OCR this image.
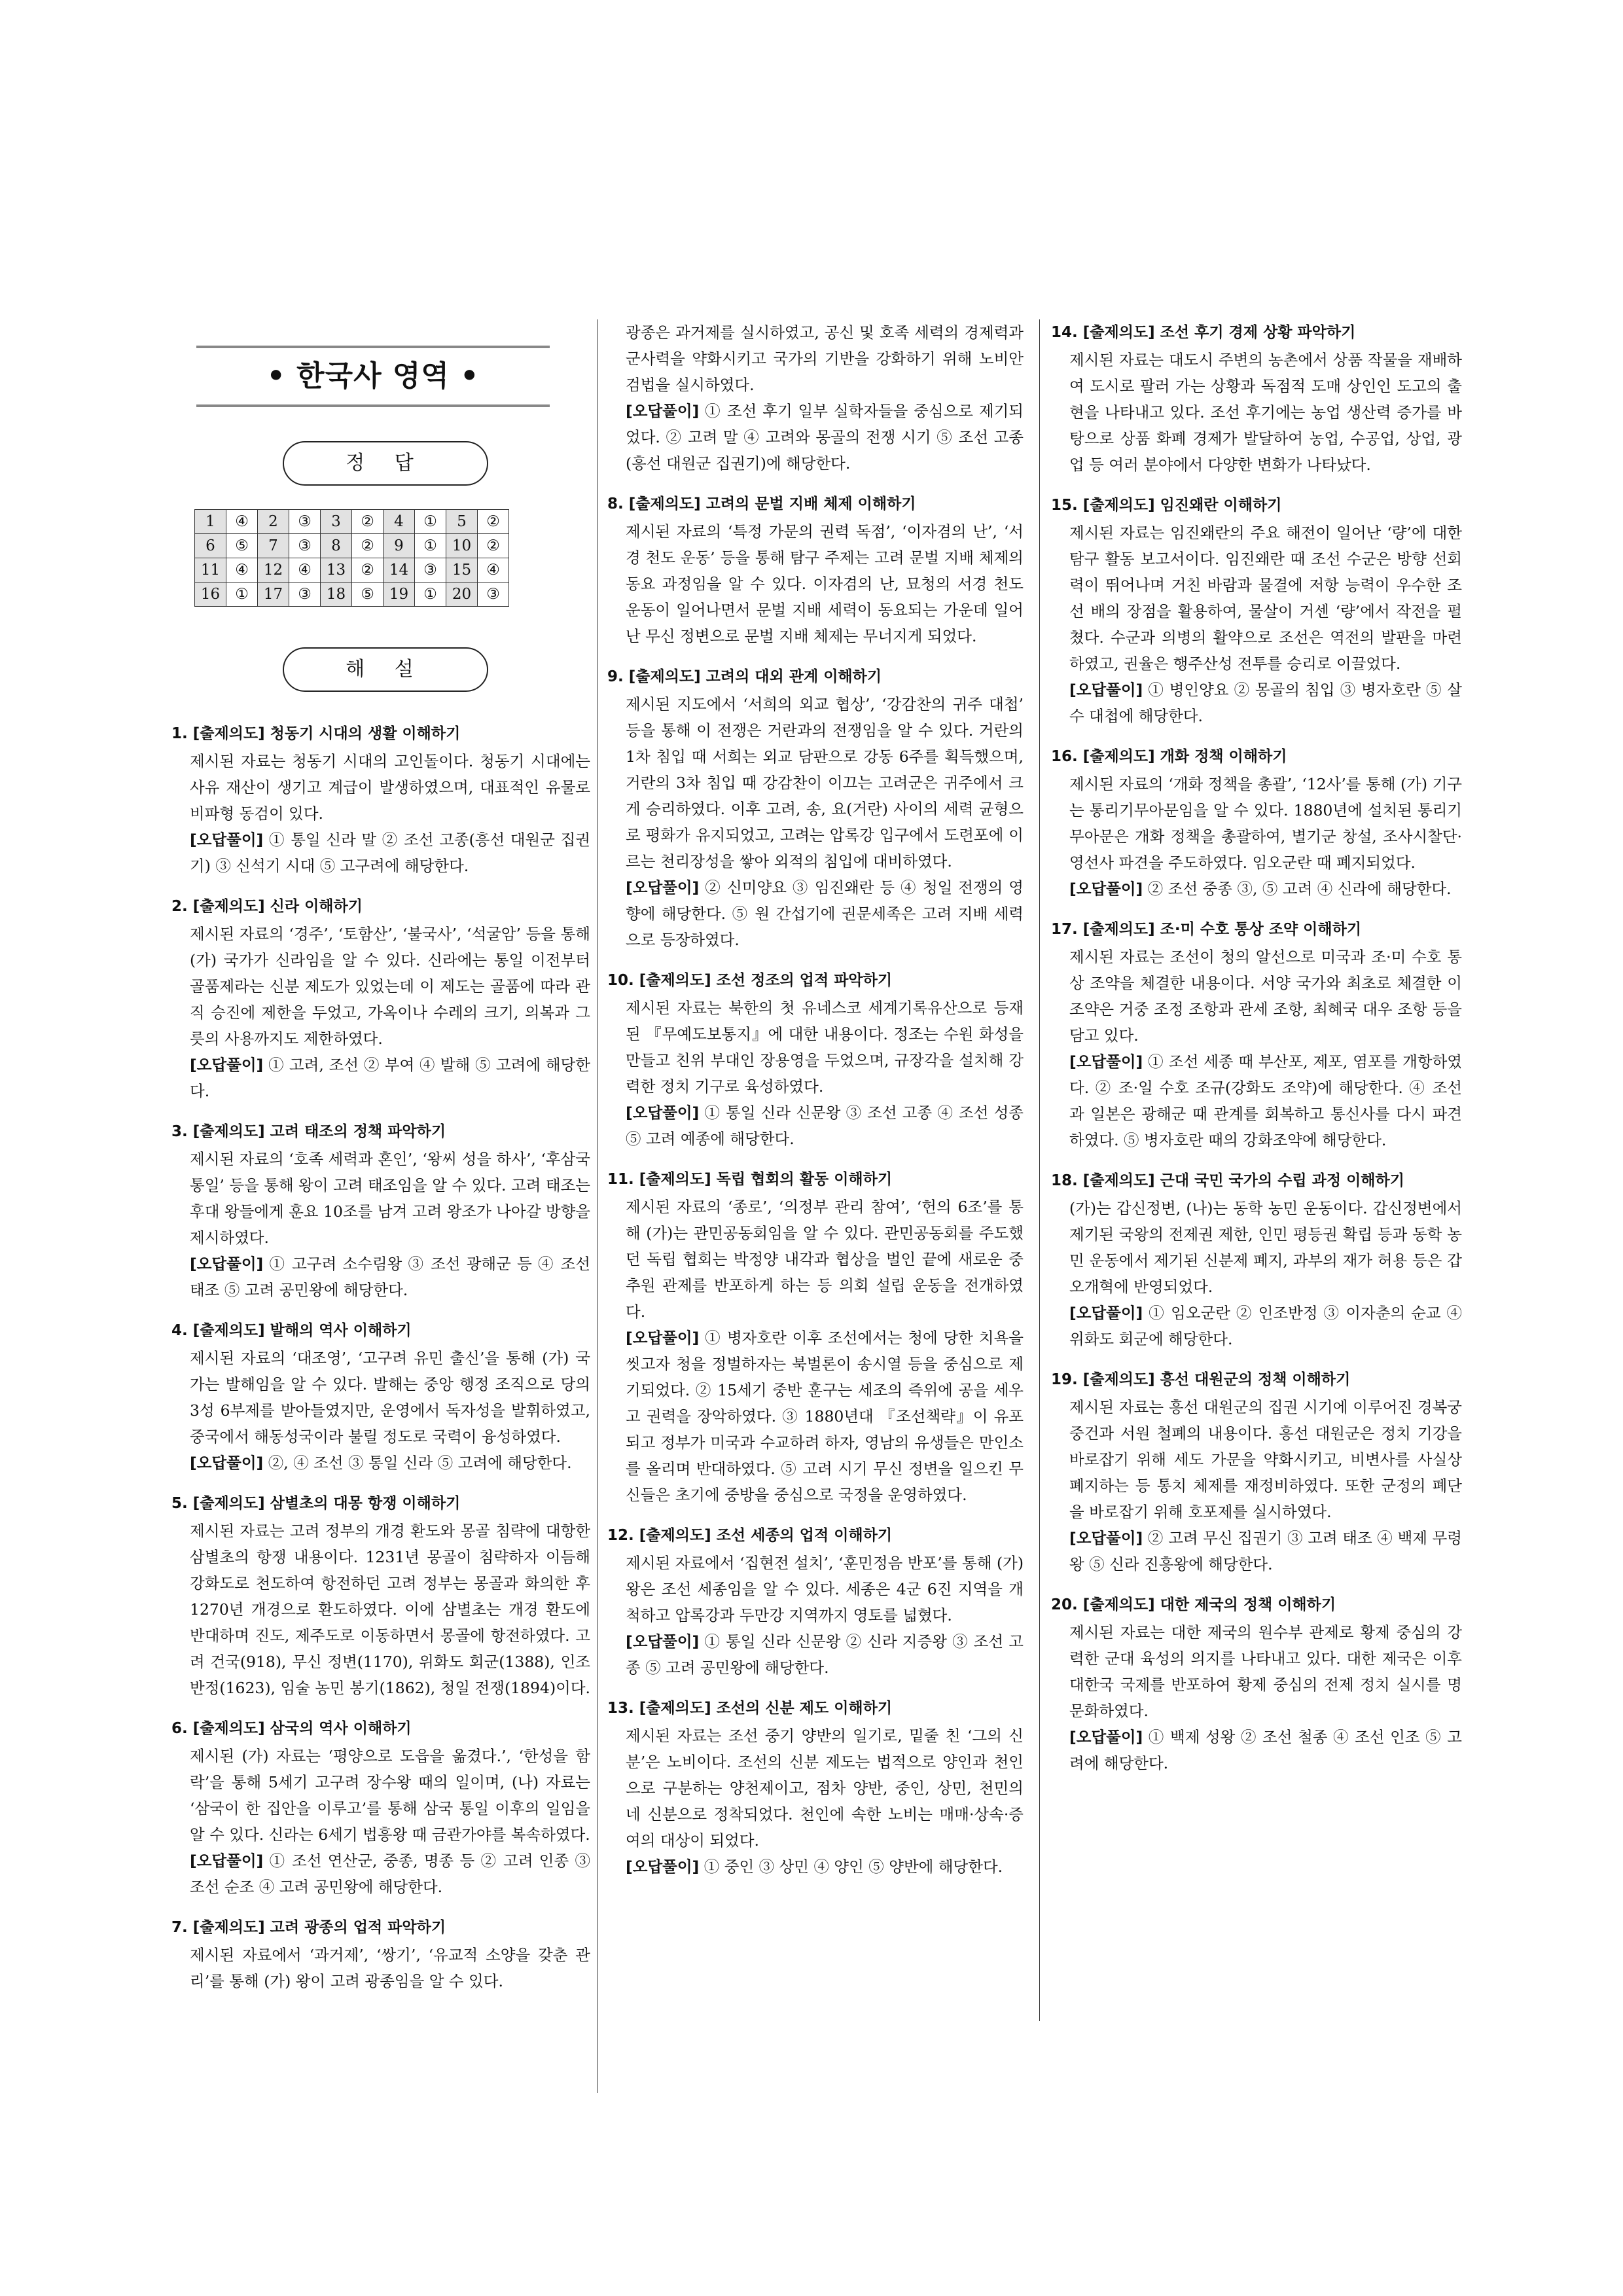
• 한국사 영역 •
정 답
1	④	2	③	3	②	4	①	5	②
6	⑤	7	③	8	②	9	①	10	②
11	④	12	④	13	②	14	③	15	④
16	①	17	③	18	⑤	19	①	20	③
해 설
1. [출제의도] 청동기 시대의 생활 이해하기
제시된 자료는 청동기 시대의 고인돌이다. 청동기 시대에는 사유 재산이 생기고 계급이 발생하였으며, 대표적인 유물로 비파형 동검이 있다.
[오답풀이] ① 통일 신라 말 ② 조선 고종(흥선 대원군 집권기) ③ 신석기 시대 ⑤ 고구려에 해당한다.
2. [출제의도] 신라 이해하기
제시된 자료의 ‘경주’, ‘토함산’, ‘불국사’, ‘석굴암’ 등을 통해 (가) 국가가 신라임을 알 수 있다. 신라에는 통일 이전부터 골품제라는 신분 제도가 있었는데 이 제도는 골품에 따라 관직 승진에 제한을 두었고, 가옥이나 수레의 크기, 의복과 그릇의 사용까지도 제한하였다.
[오답풀이] ① 고려, 조선 ② 부여 ④ 발해 ⑤ 고려에 해당한다.
3. [출제의도] 고려 태조의 정책 파악하기
제시된 자료의 ‘호족 세력과 혼인’, ‘왕씨 성을 하사’, ‘후삼국 통일’ 등을 통해 왕이 고려 태조임을 알 수 있다. 고려 태조는 후대 왕들에게 훈요 10조를 남겨 고려 왕조가 나아갈 방향을 제시하였다.
[오답풀이] ① 고구려 소수림왕 ③ 조선 광해군 등 ④ 조선 태조 ⑤ 고려 공민왕에 해당한다.
4. [출제의도] 발해의 역사 이해하기
제시된 자료의 ‘대조영’, ‘고구려 유민 출신’을 통해 (가) 국가는 발해임을 알 수 있다. 발해는 중앙 행정 조직으로 당의 3성 6부제를 받아들였지만, 운영에서 독자성을 발휘하였고, 중국에서 해동성국이라 불릴 정도로 국력이 융성하였다.
[오답풀이] ②, ④ 조선 ③ 통일 신라 ⑤ 고려에 해당한다.
5. [출제의도] 삼별초의 대몽 항쟁 이해하기
제시된 자료는 고려 정부의 개경 환도와 몽골 침략에 대항한 삼별초의 항쟁 내용이다. 1231년 몽골이 침략하자 이듬해 강화도로 천도하여 항전하던 고려 정부는 몽골과 화의한 후 1270년 개경으로 환도하였다. 이에 삼별초는 개경 환도에 반대하며 진도, 제주도로 이동하면서 몽골에 항전하였다. 고려 건국(918), 무신 정변(1170), 위화도 회군(1388), 인조반정(1623), 임술 농민 봉기(1862), 청일 전쟁(1894)이다.
6. [출제의도] 삼국의 역사 이해하기
제시된 (가) 자료는 ‘평양으로 도읍을 옮겼다.’, ‘한성을 함락’을 통해 5세기 고구려 장수왕 때의 일이며, (나) 자료는 ‘삼국이 한 집안을 이루고’를 통해 삼국 통일 이후의 일임을 알 수 있다. 신라는 6세기 법흥왕 때 금관가야를 복속하였다.
[오답풀이] ① 조선 연산군, 중종, 명종 등 ② 고려 인종 ③ 조선 순조 ④ 고려 공민왕에 해당한다.
7. [출제의도] 고려 광종의 업적 파악하기
제시된 자료에서 ‘과거제’, ‘쌍기’, ‘유교적 소양을 갖춘 관리’를 통해 (가) 왕이 고려 광종임을 알 수 있다.
광종은 과거제를 실시하였고, 공신 및 호족 세력의 경제력과 군사력을 약화시키고 국가의 기반을 강화하기 위해 노비안검법을 실시하였다.
[오답풀이] ① 조선 후기 일부 실학자들을 중심으로 제기되었다. ② 고려 말 ④ 고려와 몽골의 전쟁 시기 ⑤ 조선 고종(흥선 대원군 집권기)에 해당한다.
8. [출제의도] 고려의 문벌 지배 체제 이해하기
제시된 자료의 ‘특정 가문의 권력 독점’, ‘이자겸의 난’, ‘서경 천도 운동’ 등을 통해 탐구 주제는 고려 문벌 지배 체제의 동요 과정임을 알 수 있다. 이자겸의 난, 묘청의 서경 천도 운동이 일어나면서 문벌 지배 세력이 동요되는 가운데 일어난 무신 정변으로 문벌 지배 체제는 무너지게 되었다.
9. [출제의도] 고려의 대외 관계 이해하기
제시된 지도에서 ‘서희의 외교 협상’, ‘강감찬의 귀주 대첩’ 등을 통해 이 전쟁은 거란과의 전쟁임을 알 수 있다. 거란의 1차 침입 때 서희는 외교 담판으로 강동 6주를 획득했으며, 거란의 3차 침입 때 강감찬이 이끄는 고려군은 귀주에서 크게 승리하였다. 이후 고려, 송, 요(거란) 사이의 세력 균형으로 평화가 유지되었고, 고려는 압록강 입구에서 도련포에 이르는 천리장성을 쌓아 외적의 침입에 대비하였다.
[오답풀이] ② 신미양요 ③ 임진왜란 등 ④ 청일 전쟁의 영향에 해당한다. ⑤ 원 간섭기에 권문세족은 고려 지배 세력으로 등장하였다.
10. [출제의도] 조선 정조의 업적 파악하기
제시된 자료는 북한의 첫 유네스코 세계기록유산으로 등재된 『무예도보통지』에 대한 내용이다. 정조는 수원 화성을 만들고 친위 부대인 장용영을 두었으며, 규장각을 설치해 강력한 정치 기구로 육성하였다.
[오답풀이] ① 통일 신라 신문왕 ③ 조선 고종 ④ 조선 성종 ⑤ 고려 예종에 해당한다.
11. [출제의도] 독립 협회의 활동 이해하기
제시된 자료의 ‘종로’, ‘의정부 관리 참여’, ‘헌의 6조’를 통해 (가)는 관민공동회임을 알 수 있다. 관민공동회를 주도했던 독립 협회는 박정양 내각과 협상을 벌인 끝에 새로운 중추원 관제를 반포하게 하는 등 의회 설립 운동을 전개하였다.
[오답풀이] ① 병자호란 이후 조선에서는 청에 당한 치욕을 씻고자 청을 정벌하자는 북벌론이 송시열 등을 중심으로 제기되었다. ② 15세기 중반 훈구는 세조의 즉위에 공을 세우고 권력을 장악하였다. ③ 1880년대 『조선책략』이 유포되고 정부가 미국과 수교하려 하자, 영남의 유생들은 만인소를 올리며 반대하였다. ⑤ 고려 시기 무신 정변을 일으킨 무신들은 초기에 중방을 중심으로 국정을 운영하였다.
12. [출제의도] 조선 세종의 업적 이해하기
제시된 자료에서 ‘집현전 설치’, ‘훈민정음 반포’를 통해 (가) 왕은 조선 세종임을 알 수 있다. 세종은 4군 6진 지역을 개척하고 압록강과 두만강 지역까지 영토를 넓혔다.
[오답풀이] ① 통일 신라 신문왕 ② 신라 지증왕 ③ 조선 고종 ⑤ 고려 공민왕에 해당한다.
13. [출제의도] 조선의 신분 제도 이해하기
제시된 자료는 조선 중기 양반의 일기로, 밑줄 친 ‘그의 신분’은 노비이다. 조선의 신분 제도는 법적으로 양인과 천인으로 구분하는 양천제이고, 점차 양반, 중인, 상민, 천민의 네 신분으로 정착되었다. 천인에 속한 노비는 매매·상속·증여의 대상이 되었다.
[오답풀이] ① 중인 ③ 상민 ④ 양인 ⑤ 양반에 해당한다.
14. [출제의도] 조선 후기 경제 상황 파악하기
제시된 자료는 대도시 주변의 농촌에서 상품 작물을 재배하여 도시로 팔러 가는 상황과 독점적 도매 상인인 도고의 출현을 나타내고 있다. 조선 후기에는 농업 생산력 증가를 바탕으로 상품 화폐 경제가 발달하여 농업, 수공업, 상업, 광업 등 여러 분야에서 다양한 변화가 나타났다.
15. [출제의도] 임진왜란 이해하기
제시된 자료는 임진왜란의 주요 해전이 일어난 ‘량’에 대한 탐구 활동 보고서이다. 임진왜란 때 조선 수군은 방향 선회력이 뛰어나며 거친 바람과 물결에 저항 능력이 우수한 조선 배의 장점을 활용하여, 물살이 거센 ‘량’에서 작전을 펼쳤다. 수군과 의병의 활약으로 조선은 역전의 발판을 마련하였고, 권율은 행주산성 전투를 승리로 이끌었다.
[오답풀이] ① 병인양요 ② 몽골의 침입 ③ 병자호란 ⑤ 살수 대첩에 해당한다.
16. [출제의도] 개화 정책 이해하기
제시된 자료의 ‘개화 정책을 총괄’, ‘12사’를 통해 (가) 기구는 통리기무아문임을 알 수 있다. 1880년에 설치된 통리기무아문은 개화 정책을 총괄하여, 별기군 창설, 조사시찰단·영선사 파견을 주도하였다. 임오군란 때 폐지되었다.
[오답풀이] ② 조선 중종 ③, ⑤ 고려 ④ 신라에 해당한다.
17. [출제의도] 조·미 수호 통상 조약 이해하기
제시된 자료는 조선이 청의 알선으로 미국과 조·미 수호 통상 조약을 체결한 내용이다. 서양 국가와 최초로 체결한 이 조약은 거중 조정 조항과 관세 조항, 최혜국 대우 조항 등을 담고 있다.
[오답풀이] ① 조선 세종 때 부산포, 제포, 염포를 개항하였다. ② 조·일 수호 조규(강화도 조약)에 해당한다. ④ 조선과 일본은 광해군 때 관계를 회복하고 통신사를 다시 파견하였다. ⑤ 병자호란 때의 강화조약에 해당한다.
18. [출제의도] 근대 국민 국가의 수립 과정 이해하기
(가)는 갑신정변, (나)는 동학 농민 운동이다. 갑신정변에서 제기된 국왕의 전제권 제한, 인민 평등권 확립 등과 동학 농민 운동에서 제기된 신분제 폐지, 과부의 재가 허용 등은 갑오개혁에 반영되었다.
[오답풀이] ① 임오군란 ② 인조반정 ③ 이자춘의 순교 ④ 위화도 회군에 해당한다.
19. [출제의도] 흥선 대원군의 정책 이해하기
제시된 자료는 흥선 대원군의 집권 시기에 이루어진 경복궁 중건과 서원 철폐의 내용이다. 흥선 대원군은 정치 기강을 바로잡기 위해 세도 가문을 약화시키고, 비변사를 사실상 폐지하는 등 통치 체제를 재정비하였다. 또한 군정의 폐단을 바로잡기 위해 호포제를 실시하였다.
[오답풀이] ② 고려 무신 집권기 ③ 고려 태조 ④ 백제 무령왕 ⑤ 신라 진흥왕에 해당한다.
20. [출제의도] 대한 제국의 정책 이해하기
제시된 자료는 대한 제국의 원수부 관제로 황제 중심의 강력한 군대 육성의 의지를 나타내고 있다. 대한 제국은 이후 대한국 국제를 반포하여 황제 중심의 전제 정치 실시를 명문화하였다.
[오답풀이] ① 백제 성왕 ② 조선 철종 ④ 조선 인조 ⑤ 고려에 해당한다.
